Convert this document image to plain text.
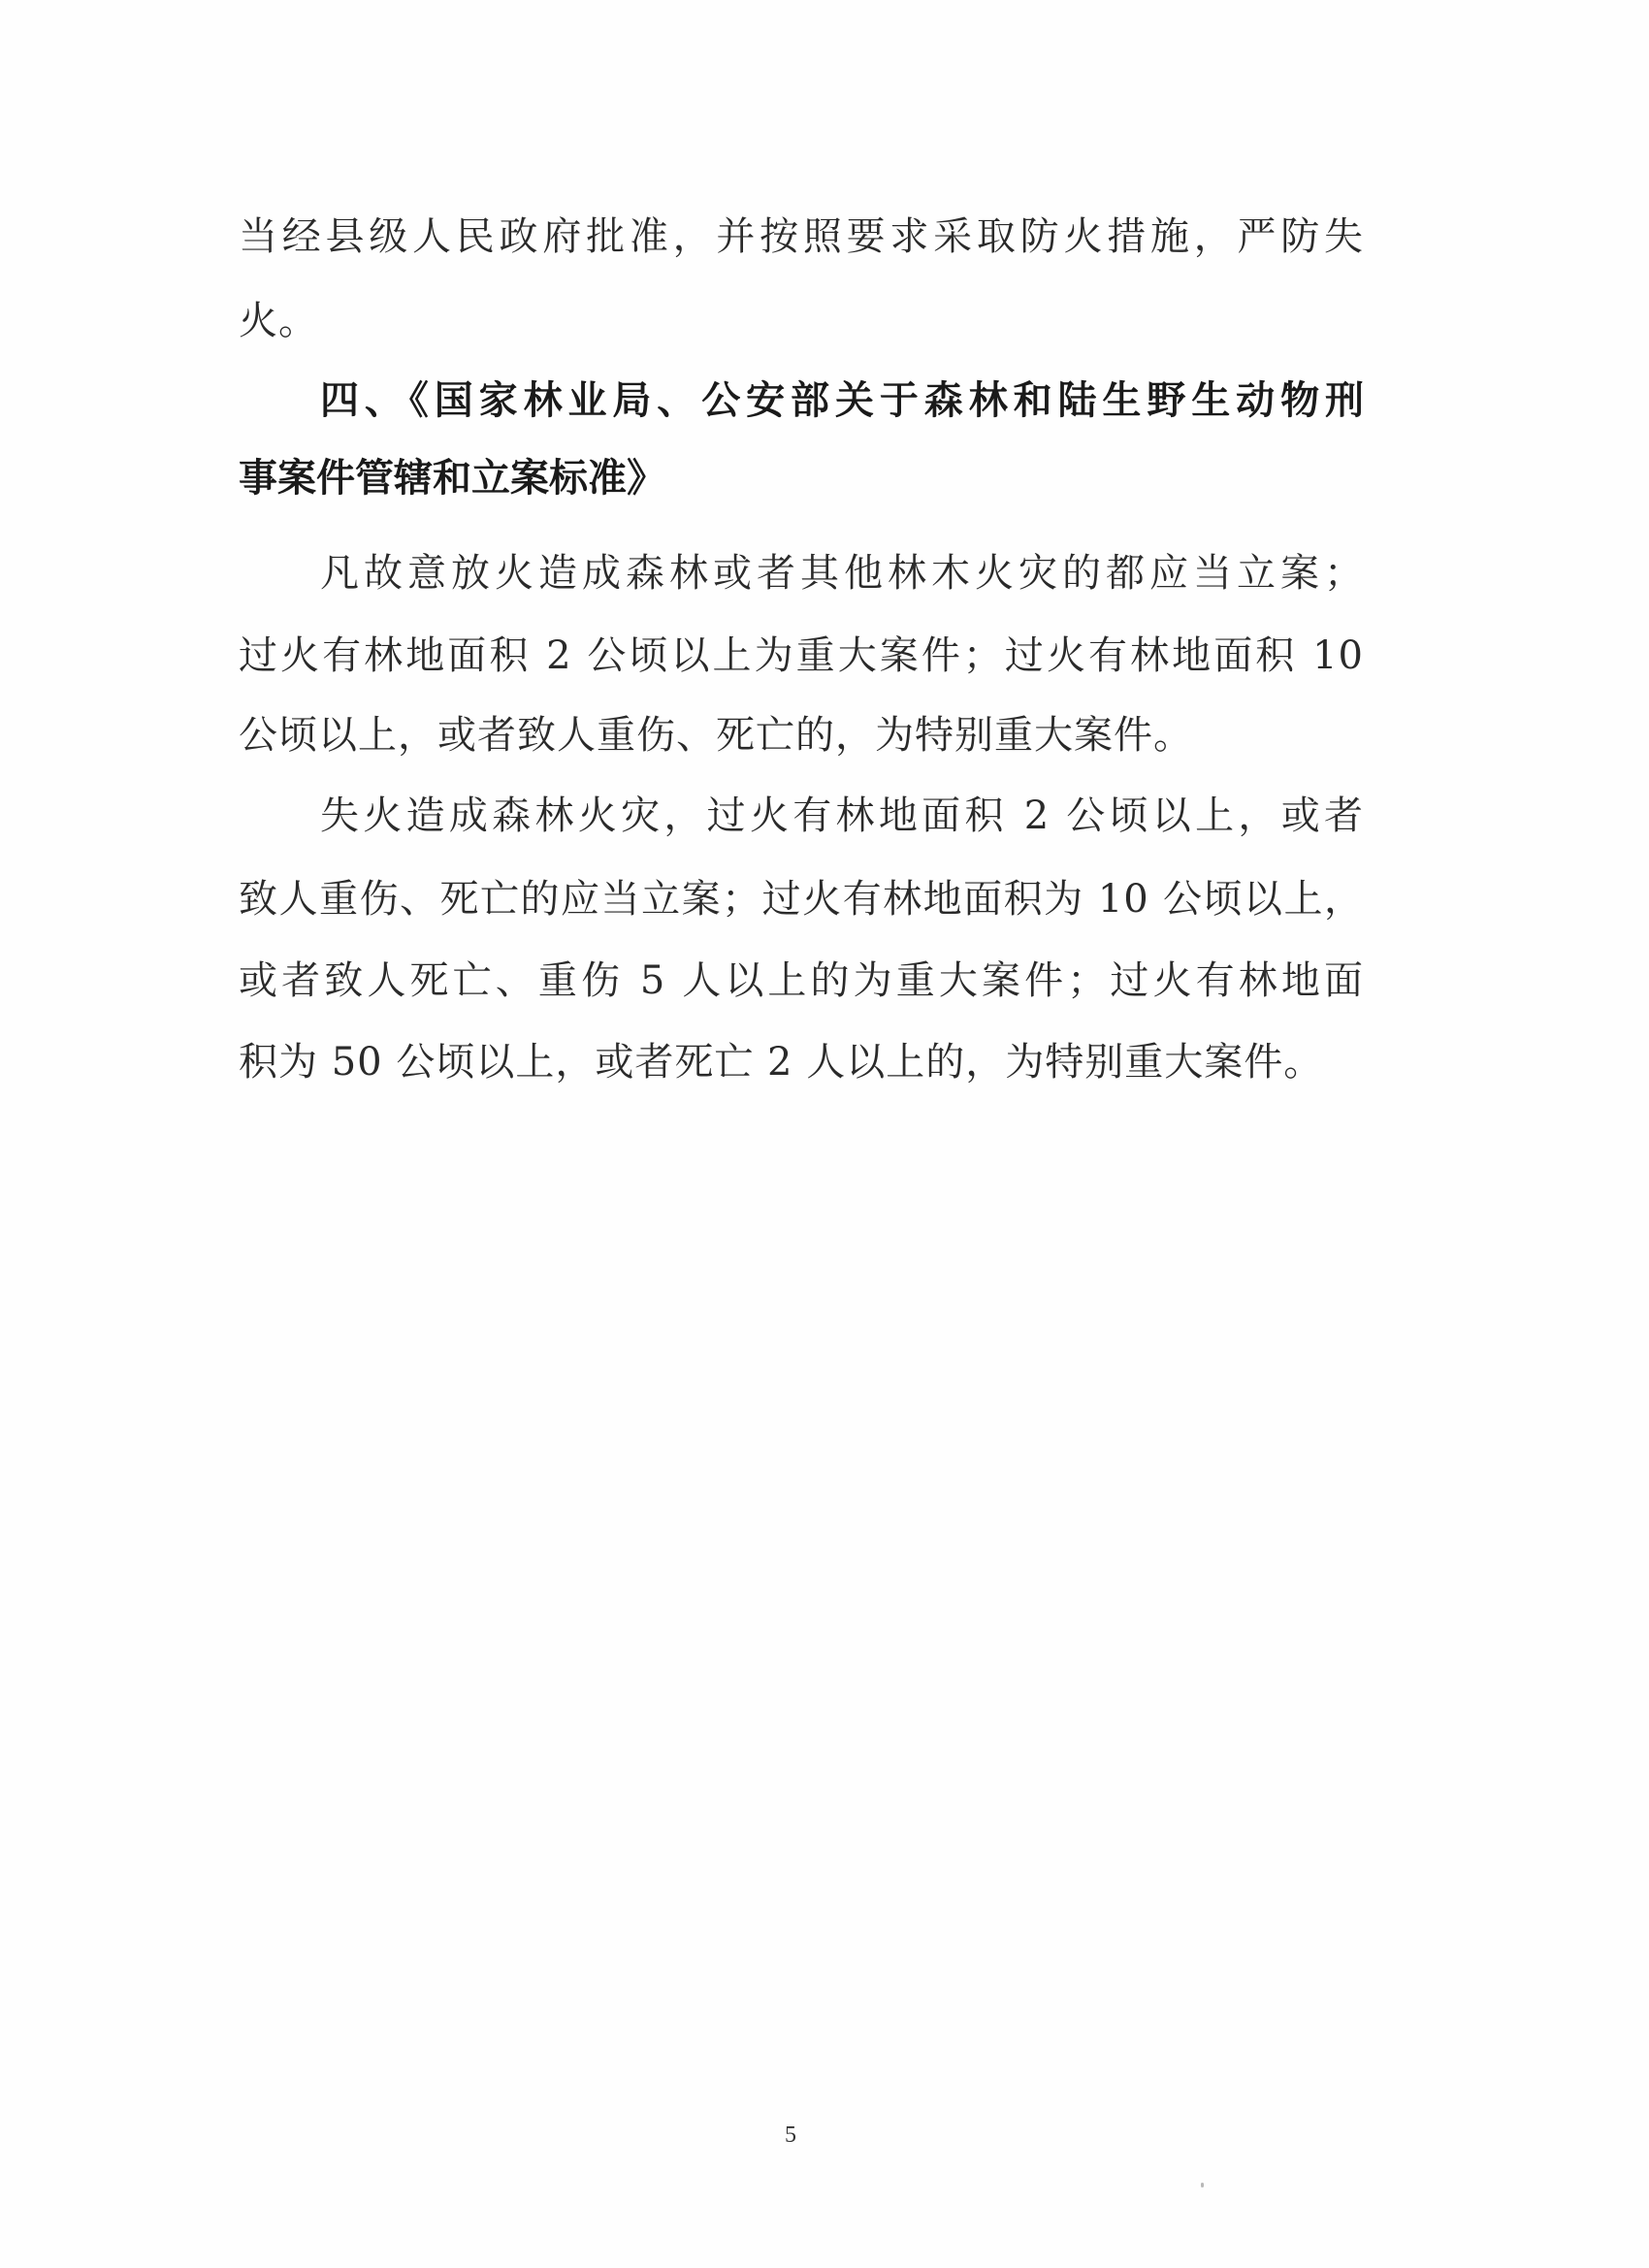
当经县级人民政府批准，并按照要求采取防火措施，严防失
火。
四、《国家林业局、公安部关于森林和陆生野生动物刑
事案件管辖和立案标准》
凡故意放火造成森林或者其他林木火灾的都应当立案；
过火有林地面积 2 公顷以上为重大案件；过火有林地面积 10
公顷以上，或者致人重伤、死亡的，为特别重大案件。
失火造成森林火灾，过火有林地面积 2 公顷以上，或者
致人重伤、死亡的应当立案；过火有林地面积为 10 公顷以上，
或者致人死亡、重伤 5 人以上的为重大案件；过火有林地面
积为 50 公顷以上，或者死亡 2 人以上的，为特别重大案件。
5
